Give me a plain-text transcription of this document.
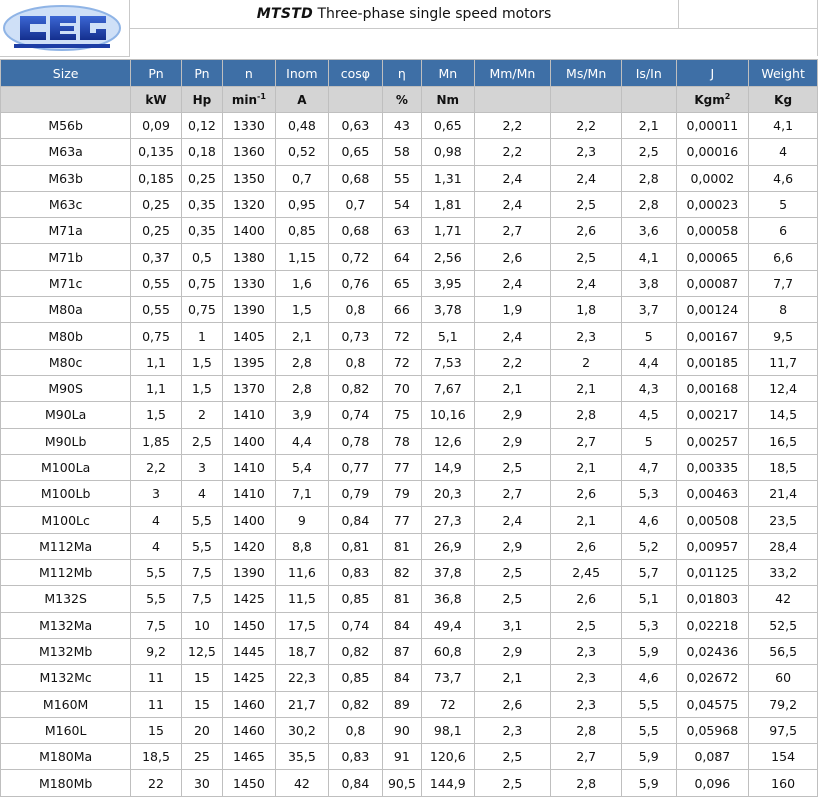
MTSTD Three-phase single speed motors
Size	Pn	Pn	n	Inom	cosφ	η	Mn	Mm/Mn	Ms/Mn	Is/In	J	Weight
	kW	Hp	$\min^{-1}$	A		%	Nm				Kgm$^2$	Kg
M56b	0,09	0,12	1330	0,48	0,63	43	0,65	2,2	2,2	2,1	0,00011	4,1
M63a	0,135	0,18	1360	0,52	0,65	58	0,98	2,2	2,3	2,5	0,00016	4
M63b	0,185	0,25	1350	0,7	0,68	55	1,31	2,4	2,4	2,8	0,0002	4,6
M63c	0,25	0,35	1320	0,95	0,7	54	1,81	2,4	2,5	2,8	0,00023	5
M71a	0,25	0,35	1400	0,85	0,68	63	1,71	2,7	2,6	3,6	0,00058	6
M71b	0,37	0,5	1380	1,15	0,72	64	2,56	2,6	2,5	4,1	0,00065	6,6
M71c	0,55	0,75	1330	1,6	0,76	65	3,95	2,4	2,4	3,8	0,00087	7,7
M80a	0,55	0,75	1390	1,5	0,8	66	3,78	1,9	1,8	3,7	0,00124	8
M80b	0,75	1	1405	2,1	0,73	72	5,1	2,4	2,3	5	0,00167	9,5
M80c	1,1	1,5	1395	2,8	0,8	72	7,53	2,2	2	4,4	0,00185	11,7
M90S	1,1	1,5	1370	2,8	0,82	70	7,67	2,1	2,1	4,3	0,00168	12,4
M90La	1,5	2	1410	3,9	0,74	75	10,16	2,9	2,8	4,5	0,00217	14,5
M90Lb	1,85	2,5	1400	4,4	0,78	78	12,6	2,9	2,7	5	0,00257	16,5
M100La	2,2	3	1410	5,4	0,77	77	14,9	2,5	2,1	4,7	0,00335	18,5
M100Lb	3	4	1410	7,1	0,79	79	20,3	2,7	2,6	5,3	0,00463	21,4
M100Lc	4	5,5	1400	9	0,84	77	27,3	2,4	2,1	4,6	0,00508	23,5
M112Ma	4	5,5	1420	8,8	0,81	81	26,9	2,9	2,6	5,2	0,00957	28,4
M112Mb	5,5	7,5	1390	11,6	0,83	82	37,8	2,5	2,45	5,7	0,01125	33,2
M132S	5,5	7,5	1425	11,5	0,85	81	36,8	2,5	2,6	5,1	0,01803	42
M132Ma	7,5	10	1450	17,5	0,74	84	49,4	3,1	2,5	5,3	0,02218	52,5
M132Mb	9,2	12,5	1445	18,7	0,82	87	60,8	2,9	2,3	5,9	0,02436	56,5
M132Mc	11	15	1425	22,3	0,85	84	73,7	2,1	2,3	4,6	0,02672	60
M160M	11	15	1460	21,7	0,82	89	72	2,6	2,3	5,5	0,04575	79,2
M160L	15	20	1460	30,2	0,8	90	98,1	2,3	2,8	5,5	0,05968	97,5
M180Ma	18,5	25	1465	35,5	0,83	91	120,6	2,5	2,7	5,9	0,087	154
M180Mb	22	30	1450	42	0,84	90,5	144,9	2,5	2,8	5,9	0,096	160
